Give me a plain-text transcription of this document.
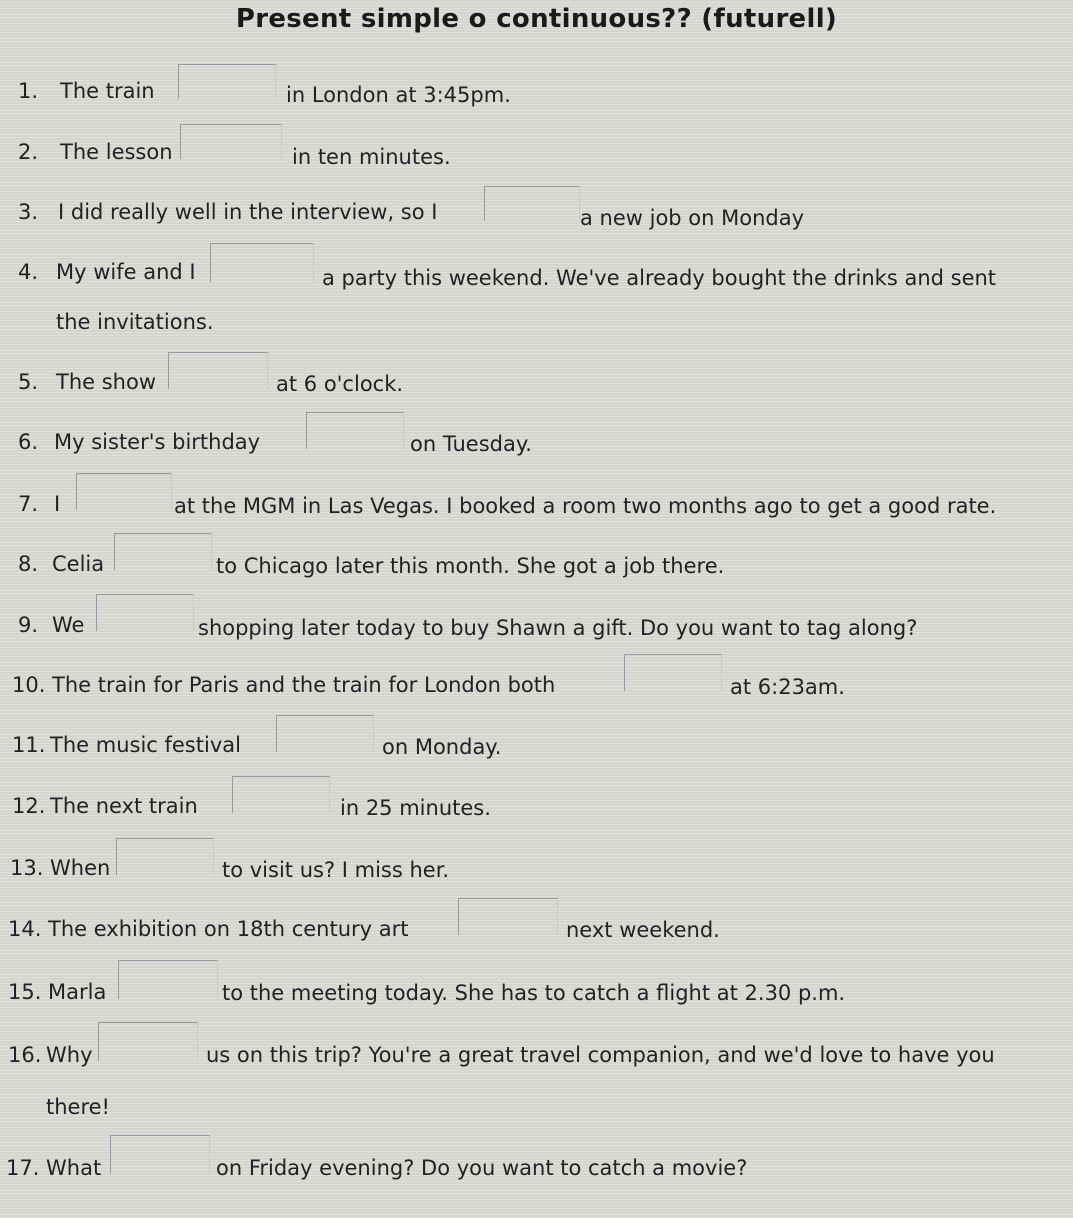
Present simple o continuous?? (futurell)
1. The train	in London at 3:45pm.
2. The lesson	in ten minutes.
3. I did really well in the interview, so I	a new job on Monday
4. My wife and I	a party this weekend. We've already bought the drinks and sent
the invitations.
5. The show	at 6 o'clock.
6. My sister's birthday	on Tuesday.
7. I	at the MGM in Las Vegas. I booked a room two months ago to get a good rate.
8. Celia	to Chicago later this month. She got a job there.
9. We	shopping later today to buy Shawn a gift. Do you want to tag along?
10. The train for Paris and the train for London both	at 6:23am.
11. The music festival	on Monday.
12. The next train	in 25 minutes.
13. When	to visit us? I miss her.
14. The exhibition on 18th century art	next weekend.
15. Marla	to the meeting today. She has to catch a flight at 2.30 p.m.
16. Why	us on this trip? You're a great travel companion, and we'd love to have you
there!
17. What	on Friday evening? Do you want to catch a movie?
